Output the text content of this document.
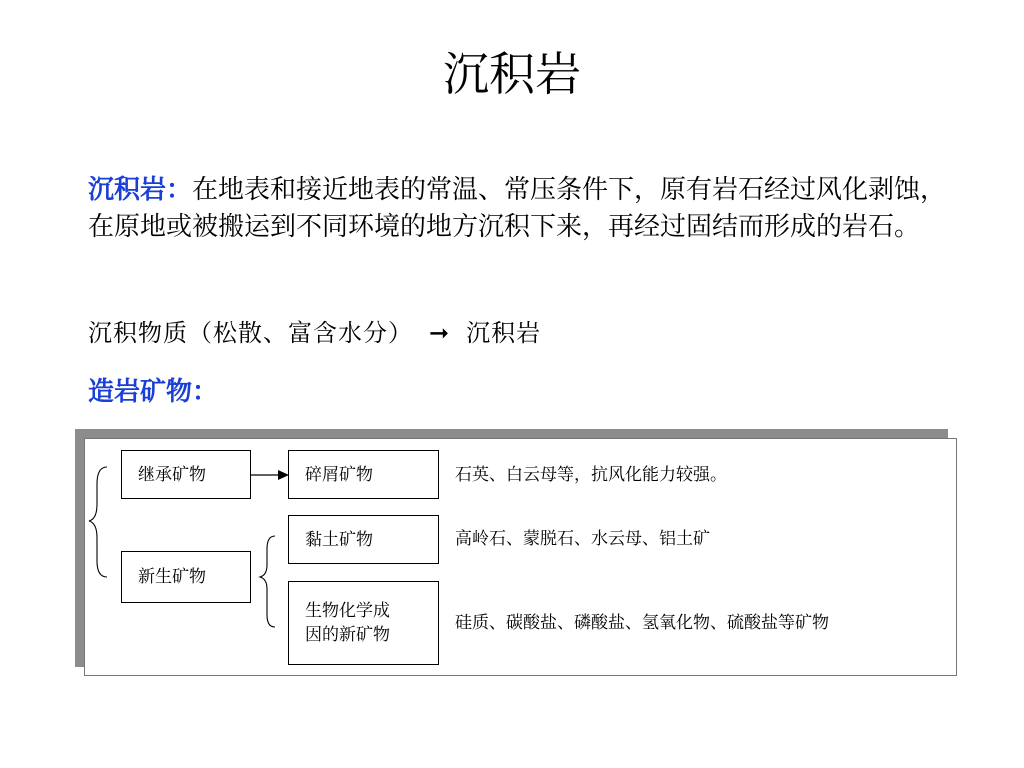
沉积岩
沉积岩：在地表和接近地表的常温、常压条件下，原有岩石经过风化剥蚀，在原地或被搬运到不同环境的地方沉积下来，再经过固结而形成的岩石。
沉积物质（松散、富含水分） ➞ 沉积岩
造岩矿物：
继承矿物	碎屑矿物	石英、白云母等，抗风化能力较强。
黏土矿物	高岭石、蒙脱石、水云母、铝土矿
新生矿物
生物化学成
因的新矿物
硅质、碳酸盐、磷酸盐、氢氧化物、硫酸盐等矿物
